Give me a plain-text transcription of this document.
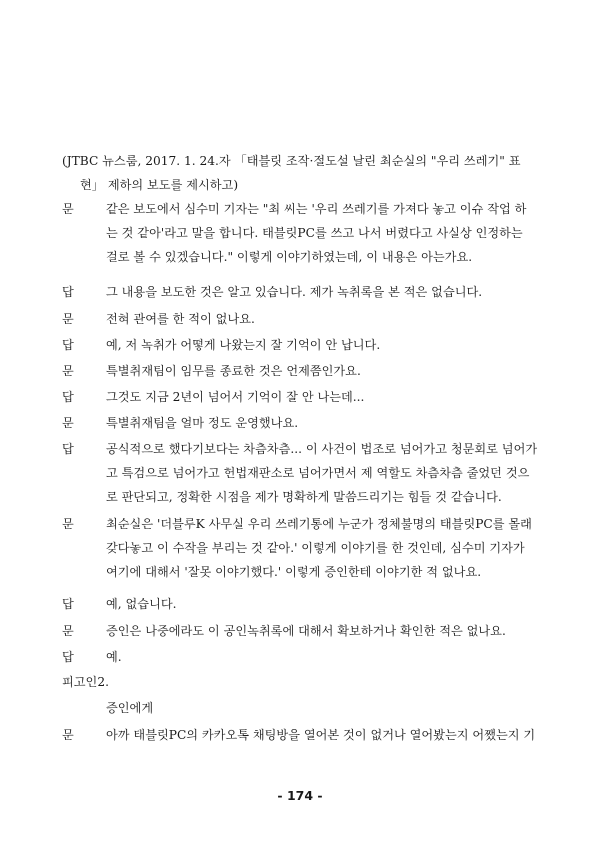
(JTBC 뉴스룸, 2017. 1. 24.자 「태블릿 조작·절도설 날린 최순실의 "우리 쓰레기" 표
현」 제하의 보도를 제시하고)
문	같은 보도에서 심수미 기자는 "최 씨는 '우리 쓰레기를 가져다 놓고 이슈 작업 하
는 것 같아'라고 말을 합니다. 태블릿PC를 쓰고 나서 버렸다고 사실상 인정하는
걸로 볼 수 있겠습니다." 이렇게 이야기하였는데, 이 내용은 아는가요.
답	그 내용을 보도한 것은 알고 있습니다. 제가 녹취록을 본 적은 없습니다.
문	전혀 관여를 한 적이 없나요.
답	예, 저 녹취가 어떻게 나왔는지 잘 기억이 안 납니다.
문	특별취재팀이 임무를 종료한 것은 언제쯤인가요.
답	그것도 지금 2년이 넘어서 기억이 잘 안 나는데...
문	특별취재팀을 얼마 정도 운영했나요.
답	공식적으로 했다기보다는 차츰차츰... 이 사건이 법조로 넘어가고 청문회로 넘어가
고 특검으로 넘어가고 헌법재판소로 넘어가면서 제 역할도 차츰차츰 줄었던 것으
로 판단되고, 정확한 시점을 제가 명확하게 말씀드리기는 힘들 것 같습니다.
문	최순실은 '더블루K 사무실 우리 쓰레기통에 누군가 정체불명의 태블릿PC를 몰래
갖다놓고 이 수작을 부리는 것 같아.' 이렇게 이야기를 한 것인데, 심수미 기자가
여기에 대해서 '잘못 이야기했다.' 이렇게 증인한테 이야기한 적 없나요.
답	예, 없습니다.
문	증인은 나중에라도 이 공인녹취록에 대해서 확보하거나 확인한 적은 없나요.
답	예.
피고인2.
증인에게
문	아까 태블릿PC의 카카오톡 채팅방을 열어본 것이 없거나 열어봤는지 어쨌는지 기
- 174 -
